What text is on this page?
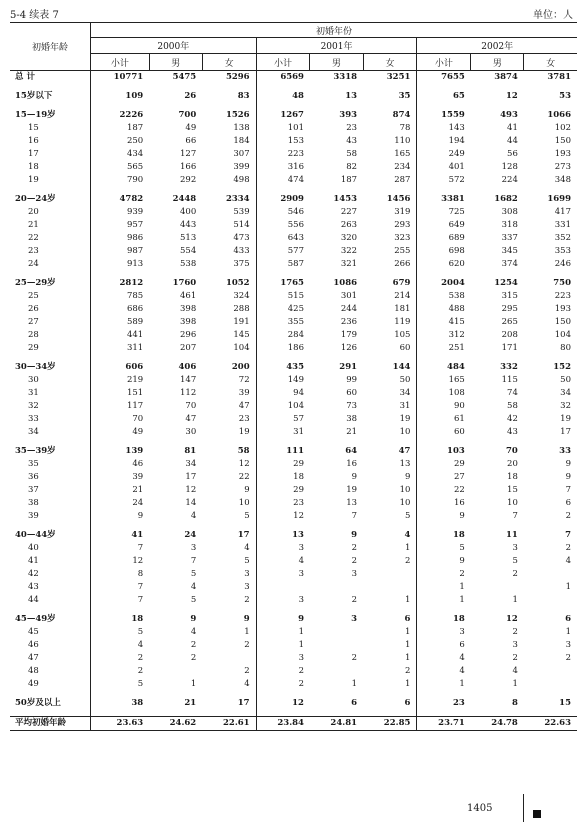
5-4 续表 7	单位：人
初婚年龄	初婚年份								
	2000年			2001年			2002年		
	小计	男	女	小计	男	女	小计	男	女
总 计	10771	5475	5296	6569	3318	3251	7655	3874	3781

15岁以下	109	26	83	48	13	35	65	12	53

15—19岁	2226	700	1526	1267	393	874	1559	493	1066
15	187	49	138	101	23	78	143	41	102
16	250	66	184	153	43	110	194	44	150
17	434	127	307	223	58	165	249	56	193
18	565	166	399	316	82	234	401	128	273
19	790	292	498	474	187	287	572	224	348

20—24岁	4782	2448	2334	2909	1453	1456	3381	1682	1699
20	939	400	539	546	227	319	725	308	417
21	957	443	514	556	263	293	649	318	331
22	986	513	473	643	320	323	689	337	352
23	987	554	433	577	322	255	698	345	353
24	913	538	375	587	321	266	620	374	246

25—29岁	2812	1760	1052	1765	1086	679	2004	1254	750
25	785	461	324	515	301	214	538	315	223
26	686	398	288	425	244	181	488	295	193
27	589	398	191	355	236	119	415	265	150
28	441	296	145	284	179	105	312	208	104
29	311	207	104	186	126	60	251	171	80

30—34岁	606	406	200	435	291	144	484	332	152
30	219	147	72	149	99	50	165	115	50
31	151	112	39	94	60	34	108	74	34
32	117	70	47	104	73	31	90	58	32
33	70	47	23	57	38	19	61	42	19
34	49	30	19	31	21	10	60	43	17

35—39岁	139	81	58	111	64	47	103	70	33
35	46	34	12	29	16	13	29	20	9
36	39	17	22	18	9	9	27	18	9
37	21	12	9	29	19	10	22	15	7
38	24	14	10	23	13	10	16	10	6
39	9	4	5	12	7	5	9	7	2

40—44岁	41	24	17	13	9	4	18	11	7
40	7	3	4	3	2	1	5	3	2
41	12	7	5	4	2	2	9	5	4
42	8	5	3	3	3		2	2	
43	7	4	3				1		1
44	7	5	2	3	2	1	1	1	

45—49岁	18	9	9	9	3	6	18	12	6
45	5	4	1	1		1	3	2	1
46	4	2	2	1		1	6	3	3
47	2	2		3	2	1	4	2	2
48	2		2	2		2	4	4	
49	5	1	4	2	1	1	1	1	

50岁及以上	38	21	17	12	6	6	23	8	15

平均初婚年龄	23.63	24.62	22.61	23.84	24.81	22.85	23.71	24.78	22.63
1405
